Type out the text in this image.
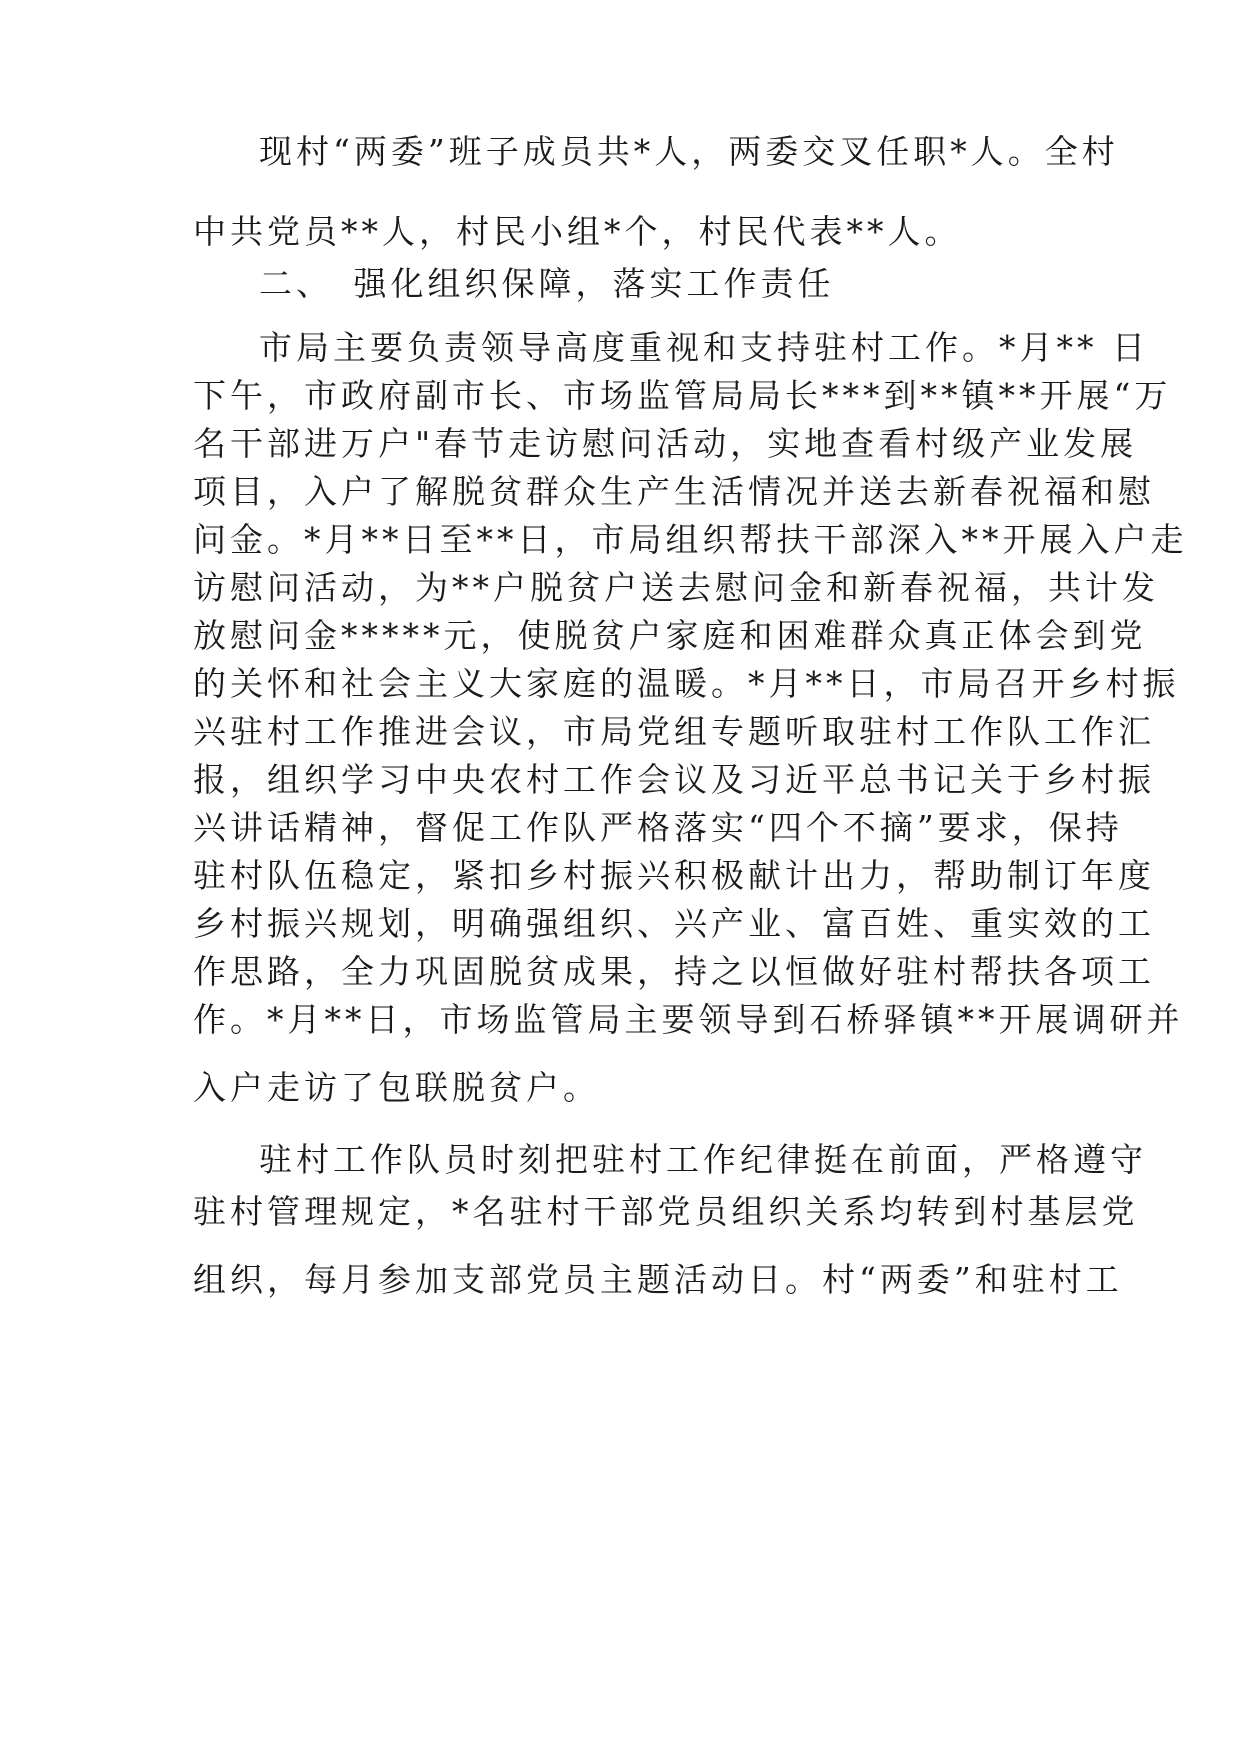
现村“两委”班子成员共*人，两委交叉任职*人。全村
中共党员**人，村民小组*个，村民代表**人。
二、　强化组织保障，落实工作责任
市局主要负责领导高度重视和支持驻村工作。*月** 日
下午，市政府副市长、市场监管局局长***到**镇**开展“万
名干部进万户"春节走访慰问活动，实地查看村级产业发展
项目，入户了解脱贫群众生产生活情况并送去新春祝福和慰
问金。*月**日至**日，市局组织帮扶干部深入**开展入户走
访慰问活动，为**户脱贫户送去慰问金和新春祝福，共计发
放慰问金*****元，使脱贫户家庭和困难群众真正体会到党
的关怀和社会主义大家庭的温暖。*月**日，市局召开乡村振
兴驻村工作推进会议，市局党组专题听取驻村工作队工作汇
报，组织学习中央农村工作会议及习近平总书记关于乡村振
兴讲话精神，督促工作队严格落实“四个不摘”要求，保持
驻村队伍稳定，紧扣乡村振兴积极献计出力，帮助制订年度
乡村振兴规划，明确强组织、兴产业、富百姓、重实效的工
作思路，全力巩固脱贫成果，持之以恒做好驻村帮扶各项工
作。*月**日，市场监管局主要领导到石桥驿镇**开展调研并
入户走访了包联脱贫户。
驻村工作队员时刻把驻村工作纪律挺在前面，严格遵守
驻村管理规定，*名驻村干部党员组织关系均转到村基层党
组织，每月参加支部党员主题活动日。村“两委”和驻村工
